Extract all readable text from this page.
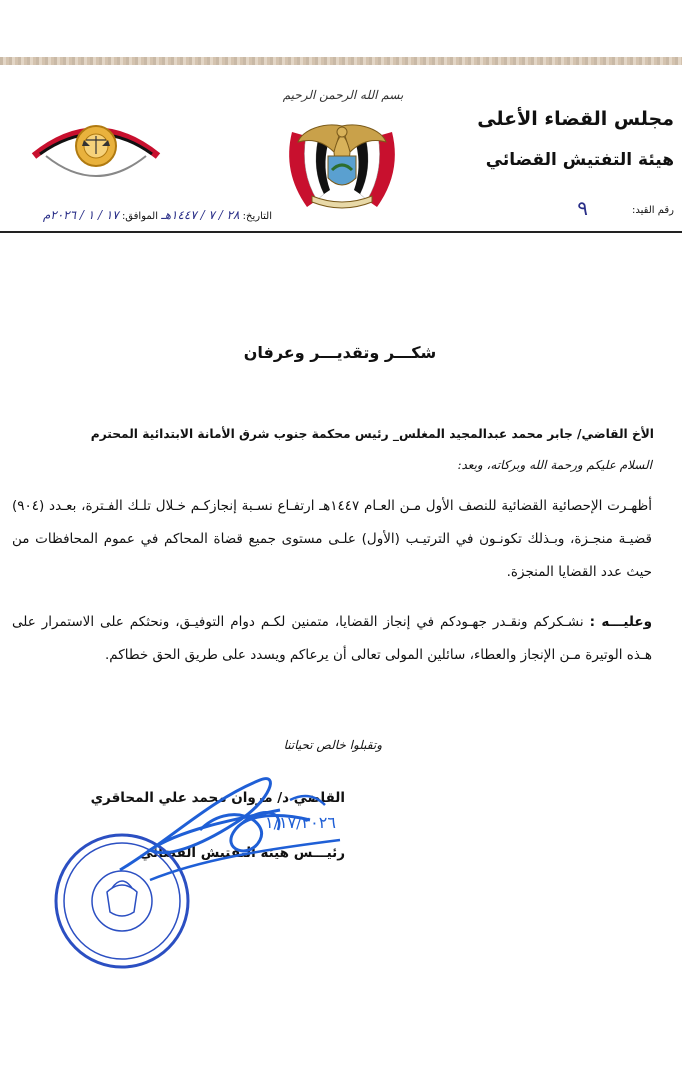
مجلس القضاء الأعلى
هيئة التفتيش القضائي
رقم القيد:
٩
بسم الله الرحمن الرحيم
التاريخ: ٢٨ / ٧ / ١٤٤٧هـ الموافق: ١٧ / ١ / ٢٠٢٦م
شكـــر وتقديـــر وعرفان
الأخ القاضي/ جابر محمد عبدالمجيد المغلس_ رئيس محكمة جنوب شرق الأمانة الابتدائية المحترم
السلام عليكم ورحمة الله وبركاته، وبعد:
أظهـرت الإحصائية القضائية للنصف الأول مـن العـام ١٤٤٧هـ ارتفـاع نسـبة إنجازكـم خـلال تلـك الفـترة، بعـدد (٩٠٤) قضيـة منجـزة، وبـذلك تكونـون في الترتيـب (الأول) علـى مستوى جميع قضاة المحاكم في عموم المحافظات من حيث عدد القضايا المنجزة.
وعليـــه : نشـكركم ونقـدر جهـودكم في إنجاز القضايا، متمنين لكـم دوام التوفيـق، ونحثكم على الاستمرار على هـذه الوتيرة مـن الإنجاز والعطاء، سائلين المولى تعالى أن يرعاكم ويسدد على طريق الحق خطاكم.
وتقبلوا خالص تحياتنا
القاضي د/ مروان محمد علي المحاقري
رئيـــس هيئة التفتيش القضائي
١/١٧/٢٠٢٦
